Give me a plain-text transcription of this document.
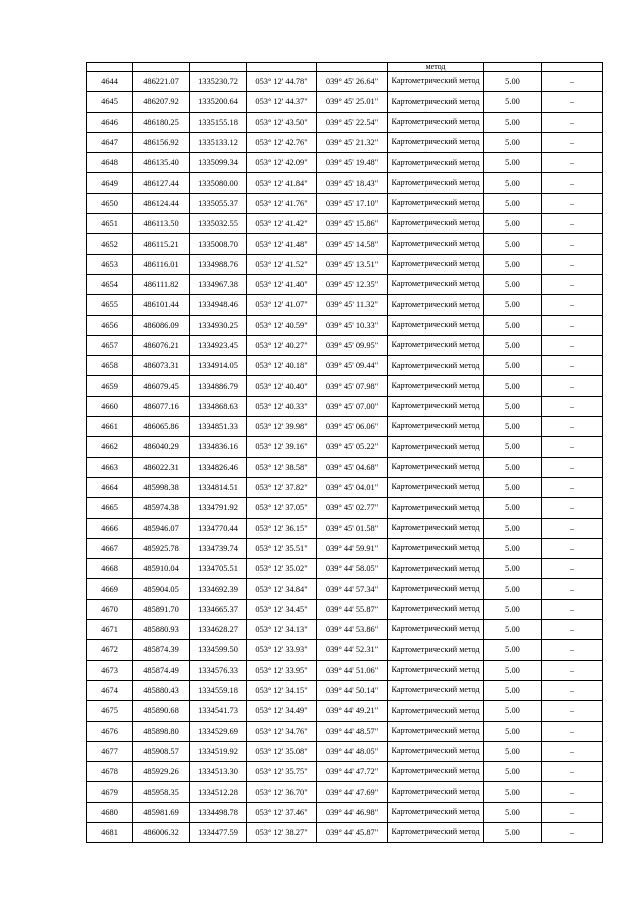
					метод		
4644	486221.07	1335230.72	053° 12' 44.78"	039° 45' 26.64"	Картометрический метод	5.00	–
4645	486207.92	1335200.64	053° 12' 44.37"	039° 45' 25.01"	Картометрический метод	5.00	–
4646	486180.25	1335155.18	053° 12' 43.50"	039° 45' 22.54"	Картометрический метод	5.00	–
4647	486156.92	1335133.12	053° 12' 42.76"	039° 45' 21.32"	Картометрический метод	5.00	–
4648	486135.40	1335099.34	053° 12' 42.09"	039° 45' 19.48"	Картометрический метод	5.00	–
4649	486127.44	1335080.00	053° 12' 41.84"	039° 45' 18.43"	Картометрический метод	5.00	–
4650	486124.44	1335055.37	053° 12' 41.76"	039° 45' 17.10"	Картометрический метод	5.00	–
4651	486113.50	1335032.55	053° 12' 41.42"	039° 45' 15.86"	Картометрический метод	5.00	–
4652	486115.21	1335008.70	053° 12' 41.48"	039° 45' 14.58"	Картометрический метод	5.00	–
4653	486116.01	1334988.76	053° 12' 41.52"	039° 45' 13.51"	Картометрический метод	5.00	–
4654	486111.82	1334967.38	053° 12' 41.40"	039° 45' 12.35"	Картометрический метод	5.00	–
4655	486101.44	1334948.46	053° 12' 41.07"	039° 45' 11.32"	Картометрический метод	5.00	–
4656	486086.09	1334930.25	053° 12' 40.59"	039° 45' 10.33"	Картометрический метод	5.00	–
4657	486076.21	1334923.45	053° 12' 40.27"	039° 45' 09.95"	Картометрический метод	5.00	–
4658	486073.31	1334914.05	053° 12' 40.18"	039° 45' 09.44"	Картометрический метод	5.00	–
4659	486079.45	1334886.79	053° 12' 40.40"	039° 45' 07.98"	Картометрический метод	5.00	–
4660	486077.16	1334868.63	053° 12' 40.33"	039° 45' 07.00"	Картометрический метод	5.00	–
4661	486065.86	1334851.33	053° 12' 39.98"	039° 45' 06.06"	Картометрический метод	5.00	–
4662	486040.29	1334836.16	053° 12' 39.16"	039° 45' 05.22"	Картометрический метод	5.00	–
4663	486022.31	1334826.46	053° 12' 38.58"	039° 45' 04.68"	Картометрический метод	5.00	–
4664	485998.38	1334814.51	053° 12' 37.82"	039° 45' 04.01"	Картометрический метод	5.00	–
4665	485974.38	1334791.92	053° 12' 37.05"	039° 45' 02.77"	Картометрический метод	5.00	–
4666	485946.07	1334770.44	053° 12' 36.15"	039° 45' 01.58"	Картометрический метод	5.00	–
4667	485925.78	1334739.74	053° 12' 35.51"	039° 44' 59.91"	Картометрический метод	5.00	–
4668	485910.04	1334705.51	053° 12' 35.02"	039° 44' 58.05"	Картометрический метод	5.00	–
4669	485904.05	1334692.39	053° 12' 34.84"	039° 44' 57.34"	Картометрический метод	5.00	–
4670	485891.70	1334665.37	053° 12' 34.45"	039° 44' 55.87"	Картометрический метод	5.00	–
4671	485880.93	1334628.27	053° 12' 34.13"	039° 44' 53.86"	Картометрический метод	5.00	–
4672	485874.39	1334599.50	053° 12' 33.93"	039° 44' 52.31"	Картометрический метод	5.00	–
4673	485874.49	1334576.33	053° 12' 33.95"	039° 44' 51.06"	Картометрический метод	5.00	–
4674	485880.43	1334559.18	053° 12' 34.15"	039° 44' 50.14"	Картометрический метод	5.00	–
4675	485890.68	1334541.73	053° 12' 34.49"	039° 44' 49.21"	Картометрический метод	5.00	–
4676	485898.80	1334529.69	053° 12' 34.76"	039° 44' 48.57"	Картометрический метод	5.00	–
4677	485908.57	1334519.92	053° 12' 35.08"	039° 44' 48.05"	Картометрический метод	5.00	–
4678	485929.26	1334513.30	053° 12' 35.75"	039° 44' 47.72"	Картометрический метод	5.00	–
4679	485958.35	1334512.28	053° 12' 36.70"	039° 44' 47.69"	Картометрический метод	5.00	–
4680	485981.69	1334498.78	053° 12' 37.46"	039° 44' 46.98"	Картометрический метод	5.00	–
4681	486006.32	1334477.59	053° 12' 38.27"	039° 44' 45.87"	Картометрический метод	5.00	–
